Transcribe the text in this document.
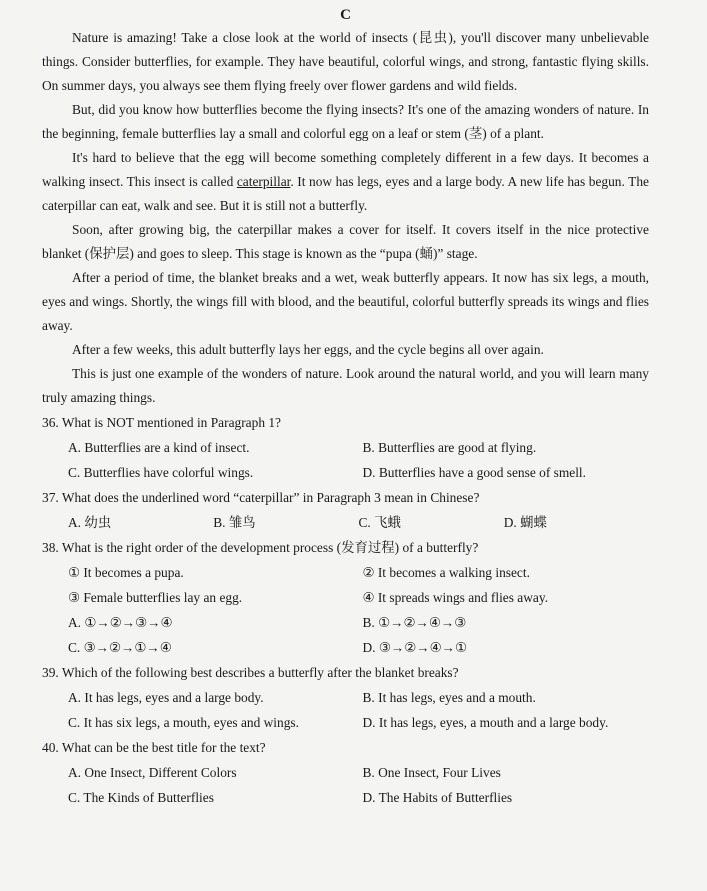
C

Nature is amazing! Take a close look at the world of insects (昆虫), you'll discover many unbelievable things. Consider butterflies, for example. They have beautiful, colorful wings, and strong, fantastic flying skills. On summer days, you always see them flying freely over flower gardens and wild fields.

But, did you know how butterflies become the flying insects? It's one of the amazing wonders of nature. In the beginning, female butterflies lay a small and colorful egg on a leaf or stem (茎) of a plant.

It's hard to believe that the egg will become something completely different in a few days. It becomes a walking insect. This insect is called caterpillar. It now has legs, eyes and a large body. A new life has begun. The caterpillar can eat, walk and see. But it is still not a butterfly.

Soon, after growing big, the caterpillar makes a cover for itself. It covers itself in the nice protective blanket (保护层) and goes to sleep. This stage is known as the “pupa (蛹)” stage.

After a period of time, the blanket breaks and a wet, weak butterfly appears. It now has six legs, a mouth, eyes and wings. Shortly, the wings fill with blood, and the beautiful, colorful butterfly spreads its wings and flies away.

After a few weeks, this adult butterfly lays her eggs, and the cycle begins all over again.

This is just one example of the wonders of nature. Look around the natural world, and you will learn many truly amazing things.

36. What is NOT mentioned in Paragraph 1?
A. Butterflies are a kind of insect.	B. Butterflies are good at flying.
C. Butterflies have colorful wings.	D. Butterflies have a good sense of smell.
37. What does the underlined word “caterpillar” in Paragraph 3 mean in Chinese?
A. 幼虫	B. 雏鸟	C. 飞蛾	D. 蝴蝶
38. What is the right order of the development process (发育过程) of a butterfly?
① It becomes a pupa.	② It becomes a walking insect.
③ Female butterflies lay an egg.	④ It spreads wings and flies away.
A. ①→②→③→④	B. ①→②→④→③
C. ③→②→①→④	D. ③→②→④→①
39. Which of the following best describes a butterfly after the blanket breaks?
A. It has legs, eyes and a large body.	B. It has legs, eyes and a mouth.
C. It has six legs, a mouth, eyes and wings.	D. It has legs, eyes, a mouth and a large body.
40. What can be the best title for the text?
A. One Insect, Different Colors	B. One Insect, Four Lives
C. The Kinds of Butterflies	D. The Habits of Butterflies
